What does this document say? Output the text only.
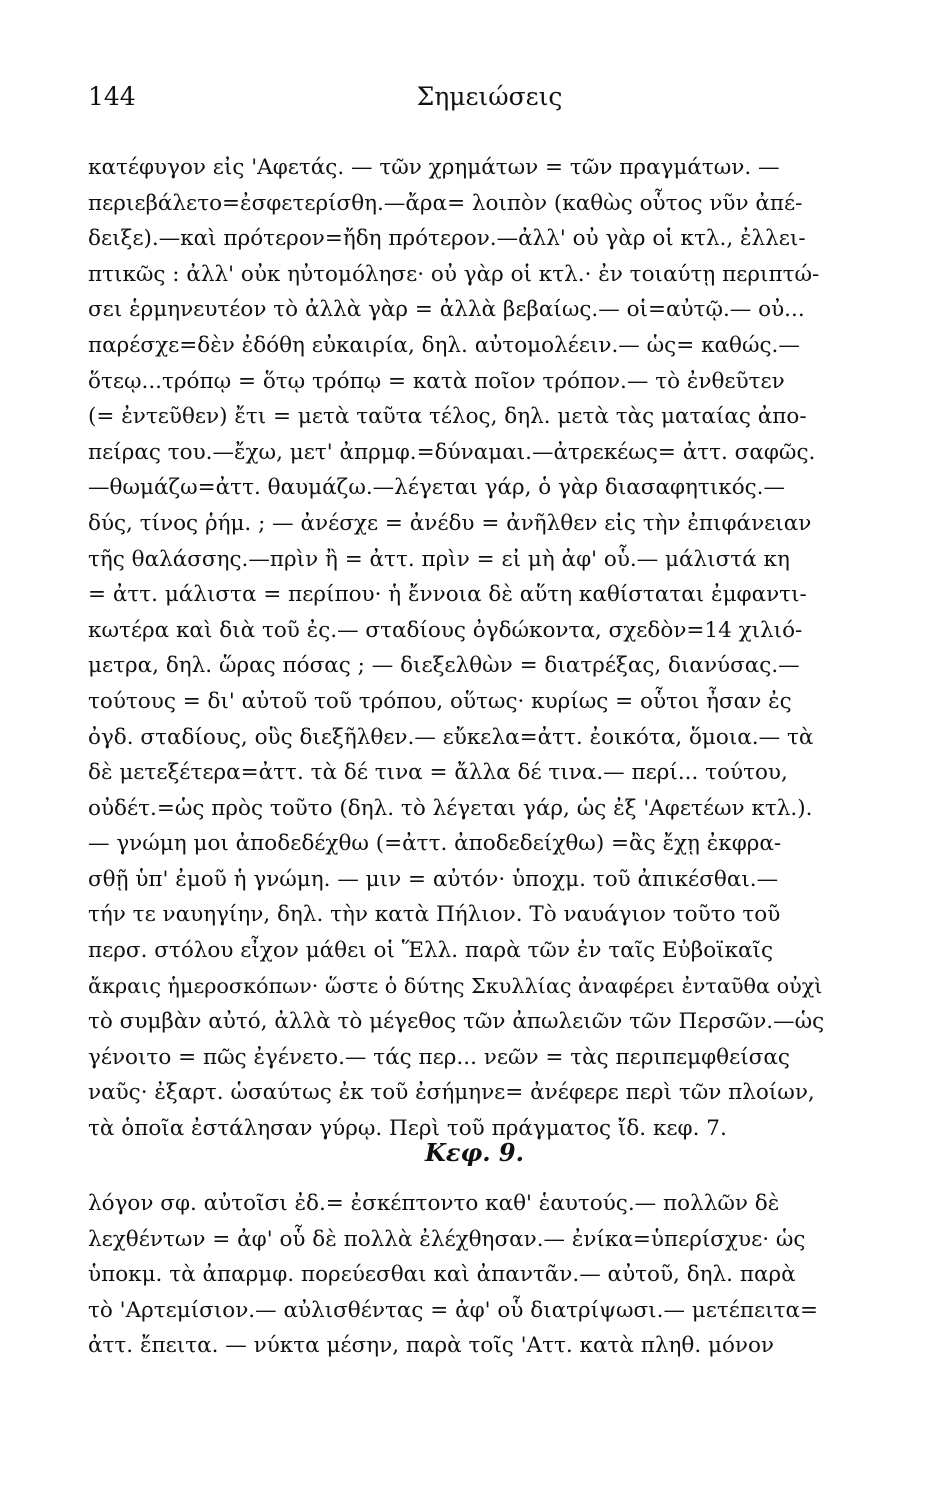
144	Σημειώσεις
κατέφυγον εἰς 'Αφετάς. — τῶν χρημάτων = τῶν πραγμάτων. —
περιεβάλετο=ἐσφετερίσθη.—ἄρα= λοιπὸν (καθὼς οὗτος νῦν ἀπέ-
δειξε).—καὶ πρότερον=ἤδη πρότερον.—ἀλλ' οὐ γὰρ οἱ κτλ., ἐλλει-
πτικῶς : ἀλλ' οὐκ ηὐτομόλησε· οὐ γὰρ οἱ κτλ.· ἐν τοιαύτῃ περιπτώ-
σει ἑρμηνευτέον τὸ ἀλλὰ γὰρ = ἀλλὰ βεβαίως.— οἱ=αὐτῷ.— οὐ...
παρέσχε=δὲν ἐδόθη εὐκαιρία, δηλ. αὐτομολέειν.— ὡς= καθώς.—
ὅτεῳ...τρόπῳ = ὅτῳ τρόπῳ = κατὰ ποῖον τρόπον.— τὸ ἐνθεῦτεν
(= ἐντεῦθεν) ἔτι = μετὰ ταῦτα τέλος, δηλ. μετὰ τὰς ματαίας ἀπο-
πείρας του.—ἔχω, μετ' ἀπρμφ.=δύναμαι.—ἀτρεκέως= ἀττ. σαφῶς.
—θωμάζω=ἀττ. θαυμάζω.—λέγεται γάρ, ὁ γὰρ διασαφητικός.—
δύς, τίνος ῥήμ. ; — ἀνέσχε = ἀνέδυ = ἀνῆλθεν εἰς τὴν ἐπιφάνειαν
τῆς θαλάσσης.—πρὶν ἢ = ἀττ. πρὶν = εἰ μὴ ἀφ' οὗ.— μάλιστά κη
= ἀττ. μάλιστα = περίπου· ἡ ἔννοια δὲ αὕτη καθίσταται ἐμφαντι-
κωτέρα καὶ διὰ τοῦ ἐς.— σταδίους ὀγδώκοντα, σχεδὸν=14 χιλιό-
μετρα, δηλ. ὥρας πόσας ; — διεξελθὼν = διατρέξας, διανύσας.—
τούτους = δι' αὐτοῦ τοῦ τρόπου, οὕτως· κυρίως = οὗτοι ἦσαν ἐς
ὀγδ. σταδίους, οὓς διεξῆλθεν.— εὔκελα=ἀττ. ἐοικότα, ὅμοια.— τὰ
δὲ μετεξέτερα=ἀττ. τὰ δέ τινα = ἄλλα δέ τινα.— περί... τούτου,
οὐδέτ.=ὡς πρὸς τοῦτο (δηλ. τὸ λέγεται γάρ, ὡς ἐξ 'Αφετέων κτλ.).
— γνώμη μοι ἀποδεδέχθω (=ἀττ. ἀποδεδείχθω) =ἂς ἔχῃ ἐκφρα-
σθῇ ὑπ' ἐμοῦ ἡ γνώμη. — μιν = αὐτόν· ὑποχμ. τοῦ ἀπικέσθαι.—
τήν τε ναυηγίην, δηλ. τὴν κατὰ Πήλιον. Τὸ ναυάγιον τοῦτο τοῦ
περσ. στόλου εἶχον μάθει οἱ Ἕλλ. παρὰ τῶν ἐν ταῖς Εὐβοϊκαῖς
ἄκραις ἡμεροσκόπων· ὥστε ὁ δύτης Σκυλλίας ἀναφέρει ἐνταῦθα οὐχὶ
τὸ συμβὰν αὐτό, ἀλλὰ τὸ μέγεθος τῶν ἀπωλειῶν τῶν Περσῶν.—ὡς
γένοιτο = πῶς ἐγένετο.— τάς περ... νεῶν = τὰς περιπεμφθείσας
ναῦς· ἐξαρτ. ὡσαύτως ἐκ τοῦ ἐσήμηνε= ἀνέφερε περὶ τῶν πλοίων,
τὰ ὁποῖα ἐστάλησαν γύρῳ. Περὶ τοῦ πράγματος ἴδ. κεφ. 7.
Κεφ. 9.
λόγον σφ. αὐτοῖσι ἐδ.= ἐσκέπτοντο καθ' ἑαυτούς.— πολλῶν δὲ
λεχθέντων = ἀφ' οὗ δὲ πολλὰ ἐλέχθησαν.— ἐνίκα=ὑπερίσχυε· ὡς
ὑποκμ. τὰ ἀπαρμφ. πορεύεσθαι καὶ ἀπαντᾶν.— αὐτοῦ, δηλ. παρὰ
τὸ 'Αρτεμίσιον.— αὐλισθέντας = ἀφ' οὗ διατρίψωσι.— μετέπειτα=
ἀττ. ἔπειτα. — νύκτα μέσην, παρὰ τοῖς 'Αττ. κατὰ πληθ. μόνον
